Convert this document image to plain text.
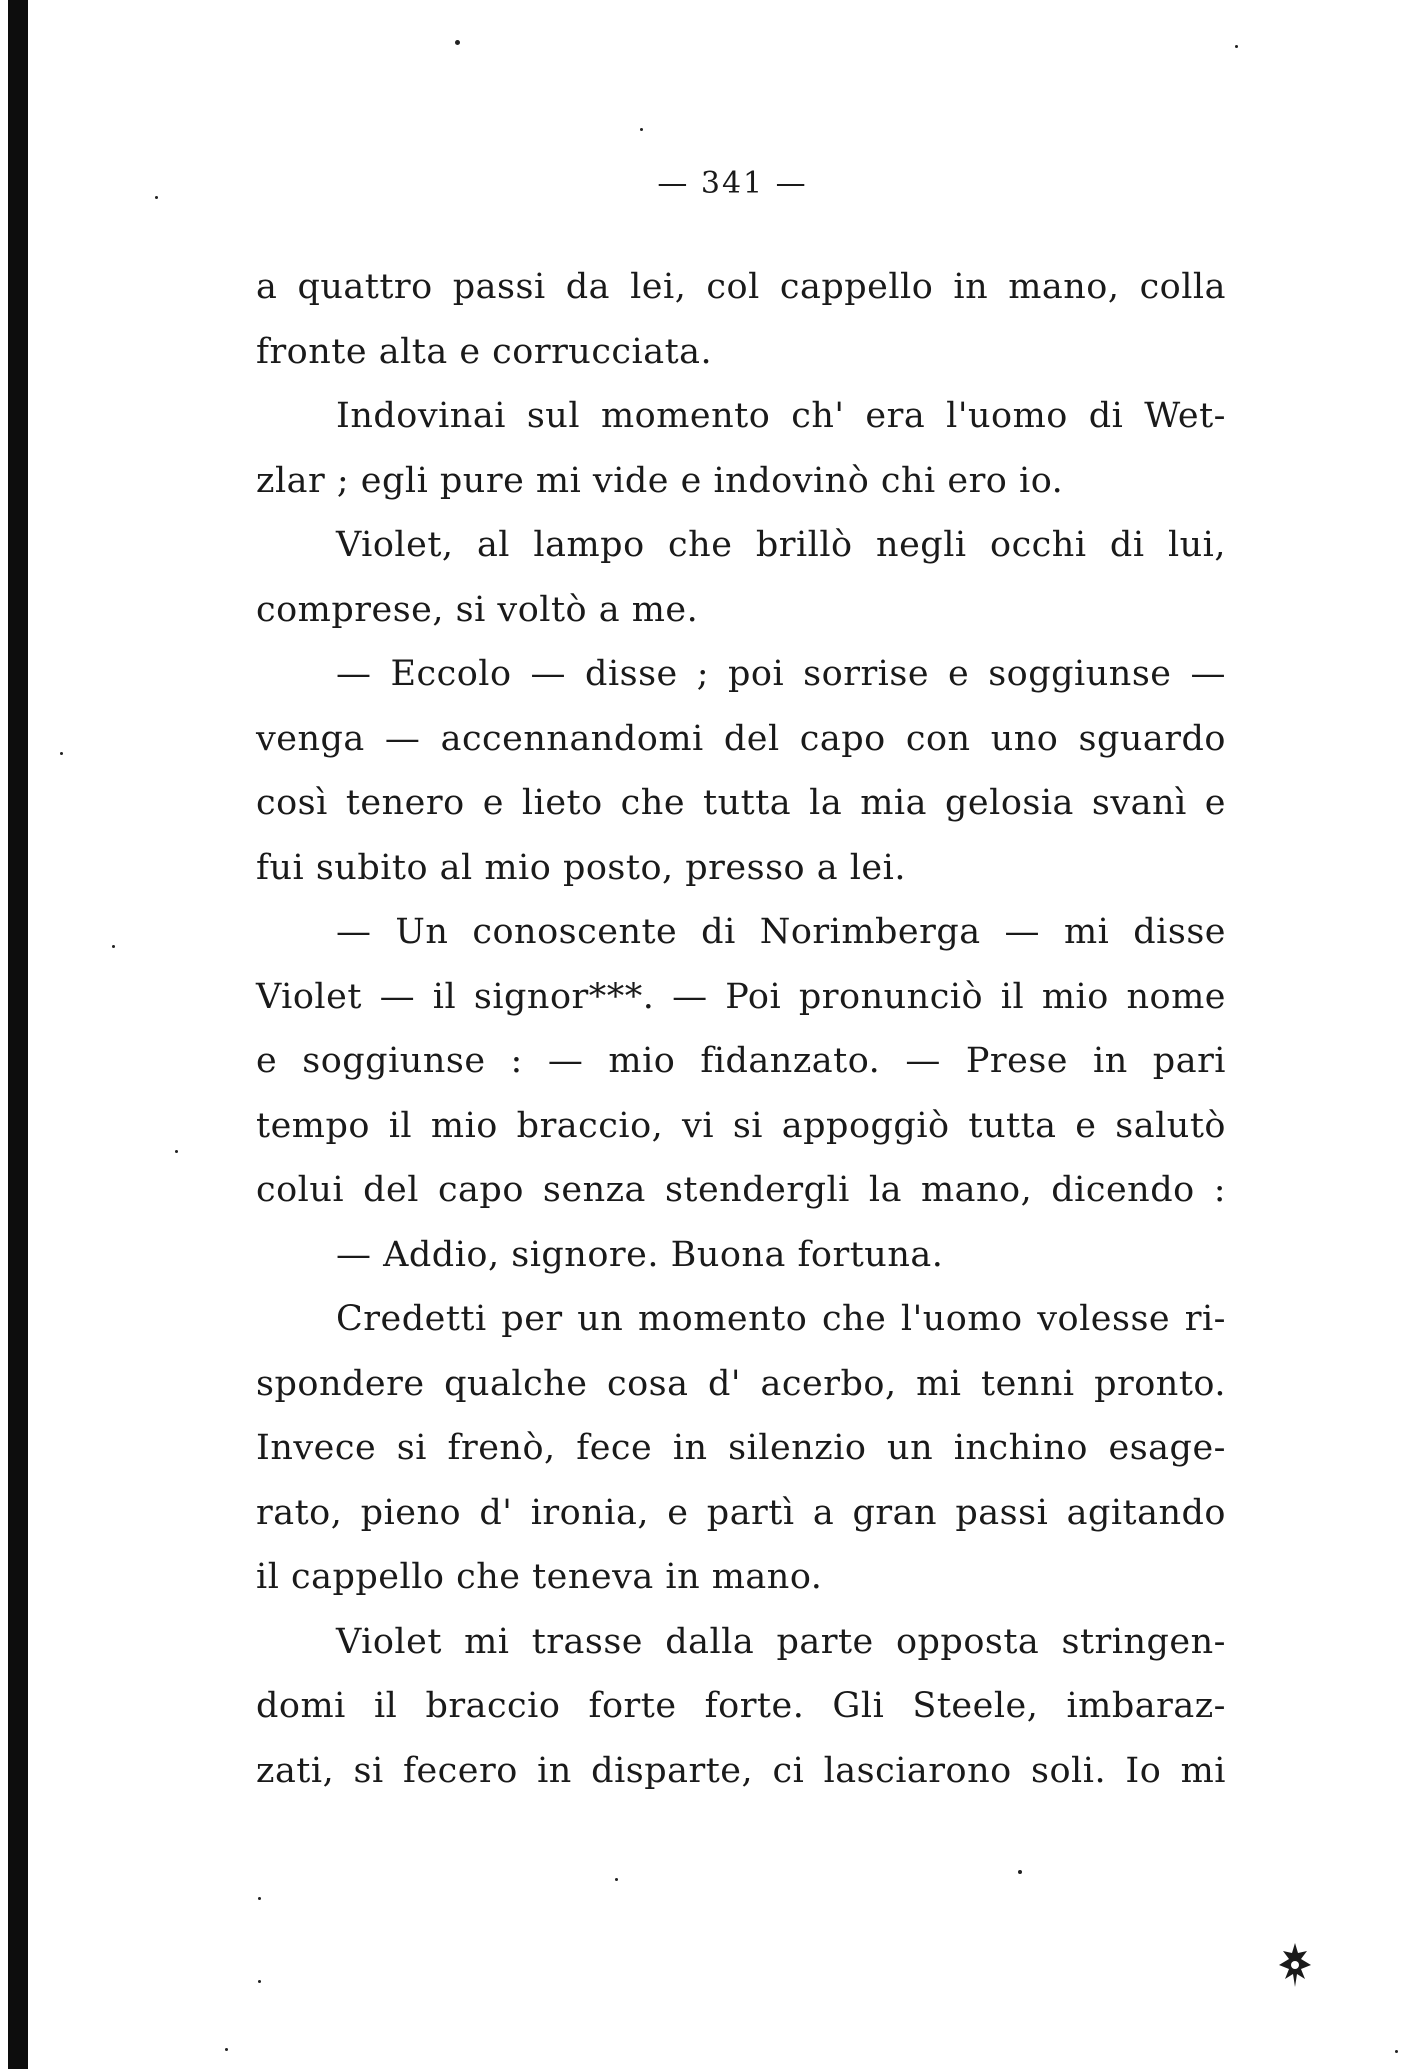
— 341 —
a quattro passi da lei, col cappello in mano, colla
fronte alta e corrucciata.
Indovinai sul momento ch' era l'uomo di Wet-
zlar ; egli pure mi vide e indovinò chi ero io.
Violet, al lampo che brillò negli occhi di lui,
comprese, si voltò a me.
— Eccolo — disse ; poi sorrise e soggiunse —
venga — accennandomi del capo con uno sguardo
così tenero e lieto che tutta la mia gelosia svanì e
fui subito al mio posto, presso a lei.
— Un conoscente di Norimberga — mi disse
Violet — il signor***. — Poi pronunciò il mio nome
e soggiunse : — mio fidanzato. — Prese in pari
tempo il mio braccio, vi si appoggiò tutta e salutò
colui del capo senza stendergli la mano, dicendo :
— Addio, signore. Buona fortuna.
Credetti per un momento che l'uomo volesse ri-
spondere qualche cosa d' acerbo, mi tenni pronto.
Invece si frenò, fece in silenzio un inchino esage-
rato, pieno d' ironia, e partì a gran passi agitando
il cappello che teneva in mano.
Violet mi trasse dalla parte opposta stringen-
domi il braccio forte forte. Gli Steele, imbaraz-
zati, si fecero in disparte, ci lasciarono soli. Io mi
